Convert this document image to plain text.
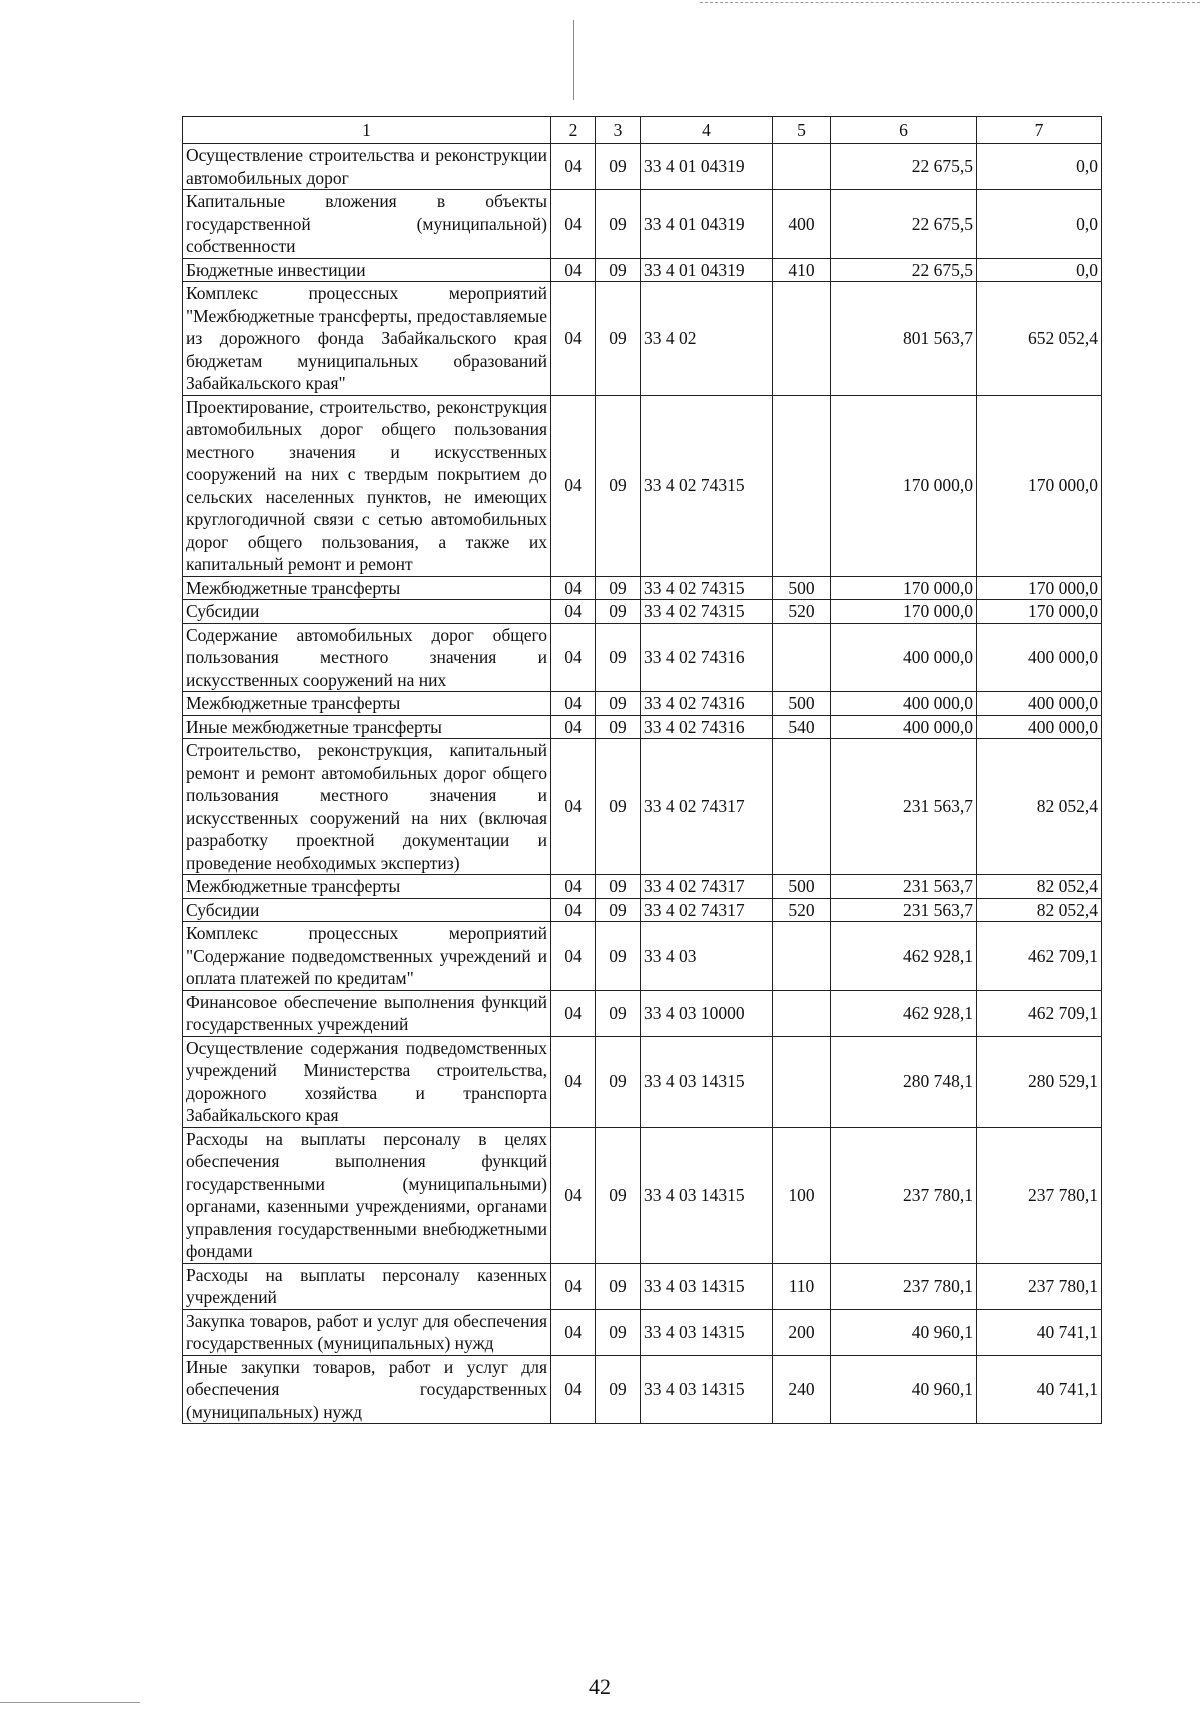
1	2	3	4	5	6	7
Осуществление строительства и реконструкции автомобильных дорог	04	09	33 4 01 04319		22 675,5	0,0
Капитальные вложения в объекты государственной (муниципальной) собственности	04	09	33 4 01 04319	400	22 675,5	0,0
Бюджетные инвестиции	04	09	33 4 01 04319	410	22 675,5	0,0
Комплекс процессных мероприятий "Межбюджетные трансферты, предоставляемые из дорожного фонда Забайкальского края бюджетам муниципальных образований Забайкальского края"	04	09	33 4 02		801 563,7	652 052,4
Проектирование, строительство, реконструкция автомобильных дорог общего пользования местного значения и искусственных сооружений на них с твердым покрытием до сельских населенных пунктов, не имеющих круглогодичной связи с сетью автомобильных дорог общего пользования, а также их капитальный ремонт и ремонт	04	09	33 4 02 74315		170 000,0	170 000,0
Межбюджетные трансферты	04	09	33 4 02 74315	500	170 000,0	170 000,0
Субсидии	04	09	33 4 02 74315	520	170 000,0	170 000,0
Содержание автомобильных дорог общего пользования местного значения и искусственных сооружений на них	04	09	33 4 02 74316		400 000,0	400 000,0
Межбюджетные трансферты	04	09	33 4 02 74316	500	400 000,0	400 000,0
Иные межбюджетные трансферты	04	09	33 4 02 74316	540	400 000,0	400 000,0
Строительство, реконструкция, капитальный ремонт и ремонт автомобильных дорог общего пользования местного значения и искусственных сооружений на них (включая разработку проектной документации и проведение необходимых экспертиз)	04	09	33 4 02 74317		231 563,7	82 052,4
Межбюджетные трансферты	04	09	33 4 02 74317	500	231 563,7	82 052,4
Субсидии	04	09	33 4 02 74317	520	231 563,7	82 052,4
Комплекс процессных мероприятий "Содержание подведомственных учреждений и оплата платежей по кредитам"	04	09	33 4 03		462 928,1	462 709,1
Финансовое обеспечение выполнения функций государственных учреждений	04	09	33 4 03 10000		462 928,1	462 709,1
Осуществление содержания подведомственных учреждений Министерства строительства, дорожного хозяйства и транспорта Забайкальского края	04	09	33 4 03 14315		280 748,1	280 529,1
Расходы на выплаты персоналу в целях обеспечения выполнения функций государственными (муниципальными) органами, казенными учреждениями, органами управления государственными внебюджетными фондами	04	09	33 4 03 14315	100	237 780,1	237 780,1
Расходы на выплаты персоналу казенных учреждений	04	09	33 4 03 14315	110	237 780,1	237 780,1
Закупка товаров, работ и услуг для обеспечения государственных (муниципальных) нужд	04	09	33 4 03 14315	200	40 960,1	40 741,1
Иные закупки товаров, работ и услуг для обеспечения государственных (муниципальных) нужд	04	09	33 4 03 14315	240	40 960,1	40 741,1
42
